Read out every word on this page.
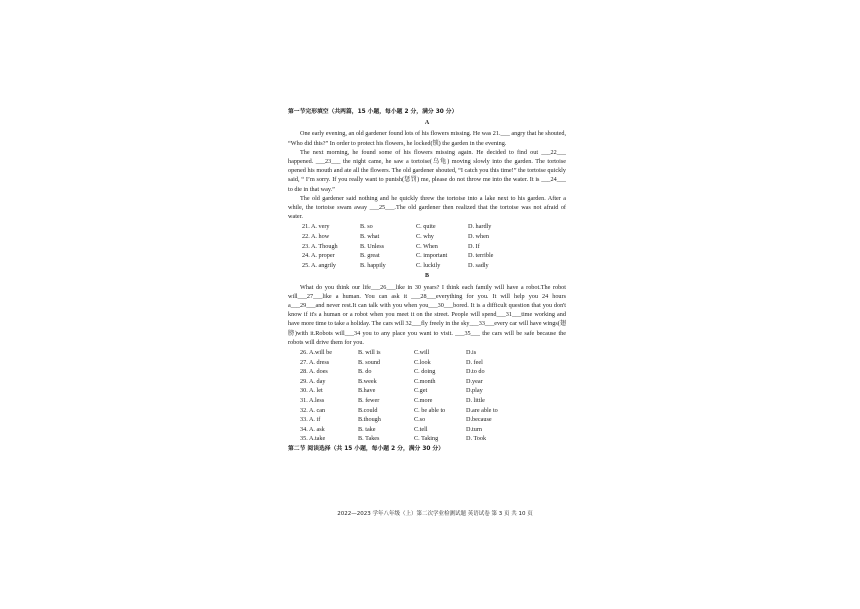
第一节完形填空（共两篇，15 小题，每小题 2 分，满分 30 分）
A

One early evening, an old gardener found lots of his flowers missing. He was 21.___ angry that he shouted, “Who did this?” In order to protect his flowers, he locked(锁) the garden in the evening.

The next morning, he found some of his flowers missing again. He decided to find out ___22___ happened. ___23___ the night came, he saw a tortoise(乌龟) moving slowly into the garden. The tortoise opened his mouth and ate all the flowers. The old gardener shouted, “I catch you this time!” the tortoise quickly said, “ I’m sorry. If you really want to punish(惩罚) me, please do not throw me into the water. It is ___24___ to die in that way.”

The old gardener said nothing and he quickly threw the tortoise into a lake next to his garden. After a while, the tortoise swam away ___25___.The old gardener then realized that the tortoise was not afraid of water.

21. A. very	B. so	C. quite	D. hardly
22. A. how	B. what	C. why	D. when
23. A. Though	B. Unless	C. When	D. If
24. A. proper	B. great	C. important	D. terrible
25. A. angrily	B. happily	C. luckily	D. sadly
B

What do you think our life___26___like in 30 years? I think each family will have a robot.The robot will___27___like a human. You can ask it ___28___everything for you. It will help you 24 hours a___29___and never rest.It can talk with you when you___30___bored. It is a difficult question that you don't know if it's a human or a robot when you meet it on the street. People will spend___31___time working and have more time to take a holiday. The cars will 32___fly freely in the sky___33___every car will have wings(翅膀)with it.Robots will___34 you to any place you want to visit. ___35___ the cars will be safe because the robots will drive them for you.

26. A.will be	B. will is	C.will	D.is
27. A. dress	B. sound	C.look	D. feel
28. A. does	B. do	C. doing	D.to do
29. A. day	B.week	C.month	D.year
30. A. let	B.have	C.get	D.play
31. A.less	B. fewer	C.more	D. little
32. A. can	B.could	C. be able to	D.are able to
33. A. if	B.though	C.so	D.because
34. A. ask	B. take	C.tell	D.turn
35. A.take	B. Takes	C. Taking	D. Took
第二节 阅读选择（共 15 小题，每小题 2 分，满分 30 分）
2022—2023 学年八年级（上）第二次学业检测试题 英语试卷 第 3 页 共 10 页
